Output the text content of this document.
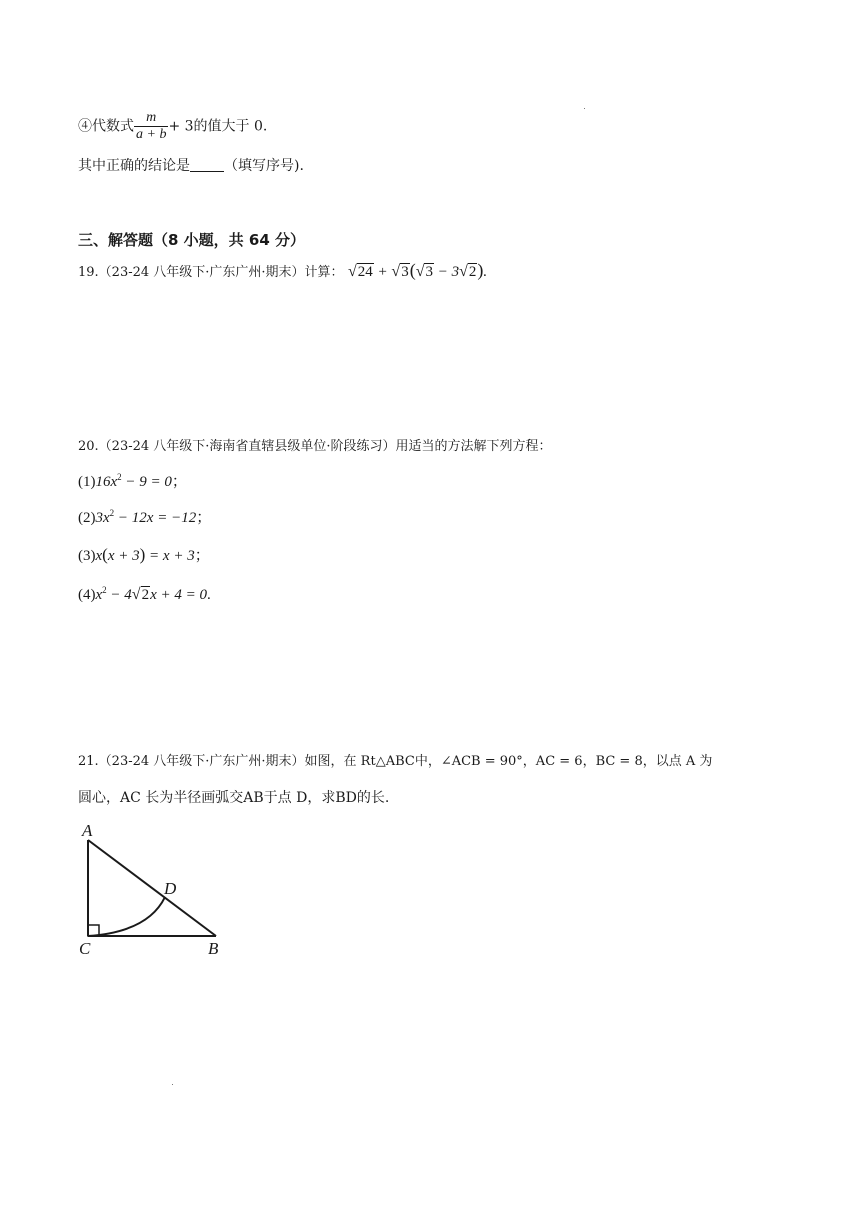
④代数式 $\frac{m}{a + b} + 3$的值大于 0.
其中正确的结论是 （填写序号).
三、解答题（8 小题，共 64 分）
19.（23-24 八年级下·广东广州·期末）计算： √24 + √3(√3 − 3√2).
20.（23-24 八年级下·海南省直辖县级单位·阶段练习）用适当的方法解下列方程：
$(1)16x^2 - 9 = 0$；
$(2)3x^2 - 12x = -12$；
(3)x(x + 3) = x + 3；
$(4)x^2 - 4√2x + 4 = 0$.
21.（23-24 八年级下·广东广州·期末）如图，在 Rt△ABC中，∠ACB = 90°，AC = 6，BC = 8，以点 A 为
圆心，AC 长为半径画弧交AB于点 D，求BD的长.
A
D
C	B
